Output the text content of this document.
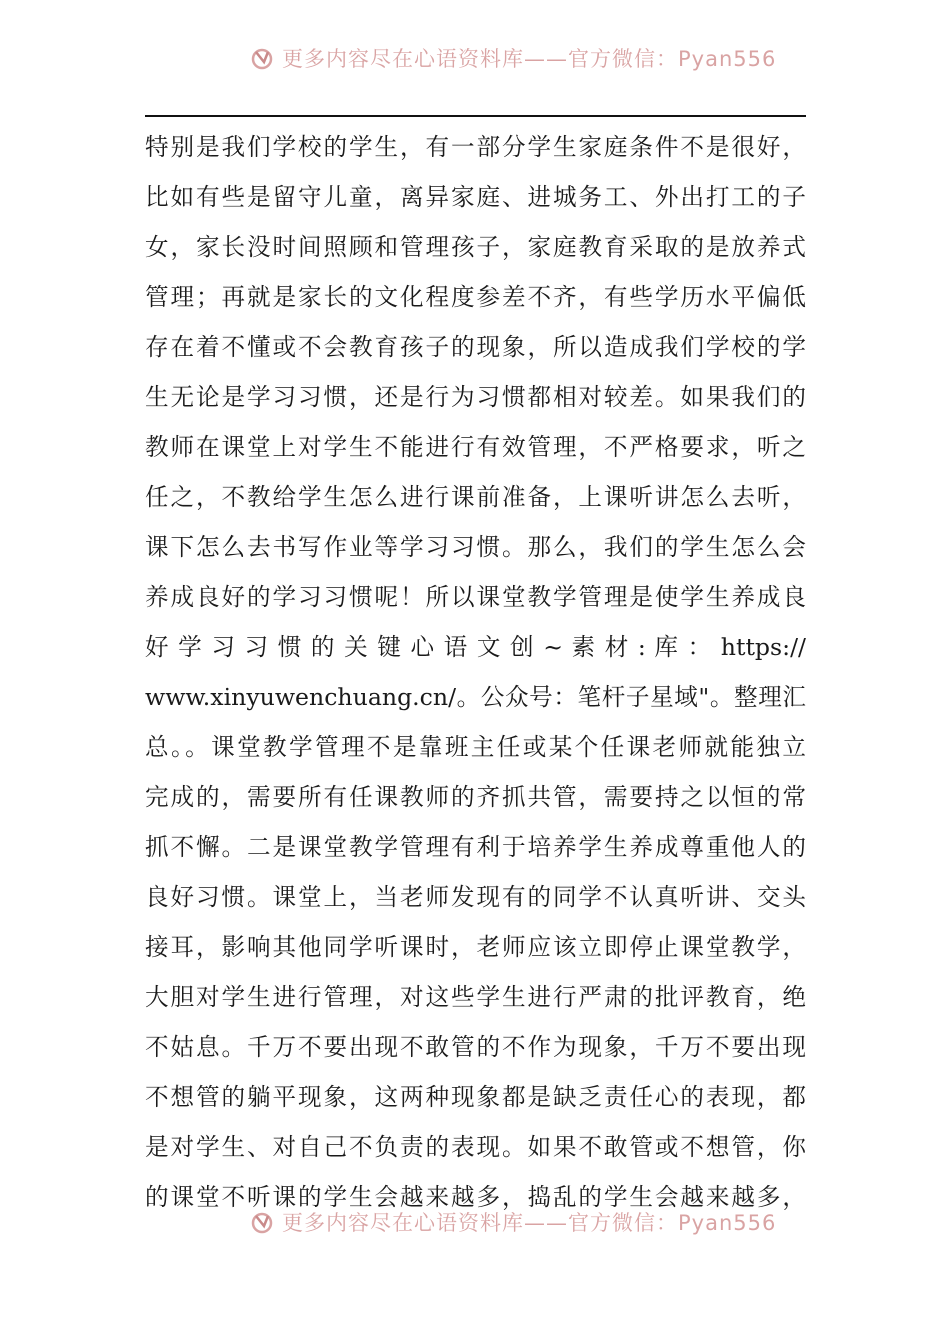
更多内容尽在心语资料库——官方微信：Pyan556
特别是我们学校的学生，有一部分学生家庭条件不是很好，
比如有些是留守儿童，离异家庭、进城务工、外出打工的子
女，家长没时间照顾和管理孩子，家庭教育采取的是放养式
管理；再就是家长的文化程度参差不齐，有些学历水平偏低
存在着不懂或不会教育孩子的现象，所以造成我们学校的学
生无论是学习习惯，还是行为习惯都相对较差。如果我们的
教师在课堂上对学生不能进行有效管理，不严格要求，听之
任之，不教给学生怎么进行课前准备，上课听讲怎么去听，
课下怎么去书写作业等学习习惯。那么，我们的学生怎么会
养成良好的学习习惯呢！所以课堂教学管理是使学生养成良
好 学 习 习 惯 的 关 键 心 语 文 创 ~ 素 材 : 库 ： https://
www.xinyuwenchuang.cn/。公众号：笔杆子星域"。整理汇
总。。课堂教学管理不是靠班主任或某个任课老师就能独立
完成的，需要所有任课教师的齐抓共管，需要持之以恒的常
抓不懈。二是课堂教学管理有利于培养学生养成尊重他人的
良好习惯。课堂上，当老师发现有的同学不认真听讲、交头
接耳，影响其他同学听课时，老师应该立即停止课堂教学，
大胆对学生进行管理，对这些学生进行严肃的批评教育，绝
不姑息。千万不要出现不敢管的不作为现象，千万不要出现
不想管的躺平现象，这两种现象都是缺乏责任心的表现，都
是对学生、对自己不负责的表现。如果不敢管或不想管，你
的课堂不听课的学生会越来越多，捣乱的学生会越来越多，
更多内容尽在心语资料库——官方微信：Pyan556
